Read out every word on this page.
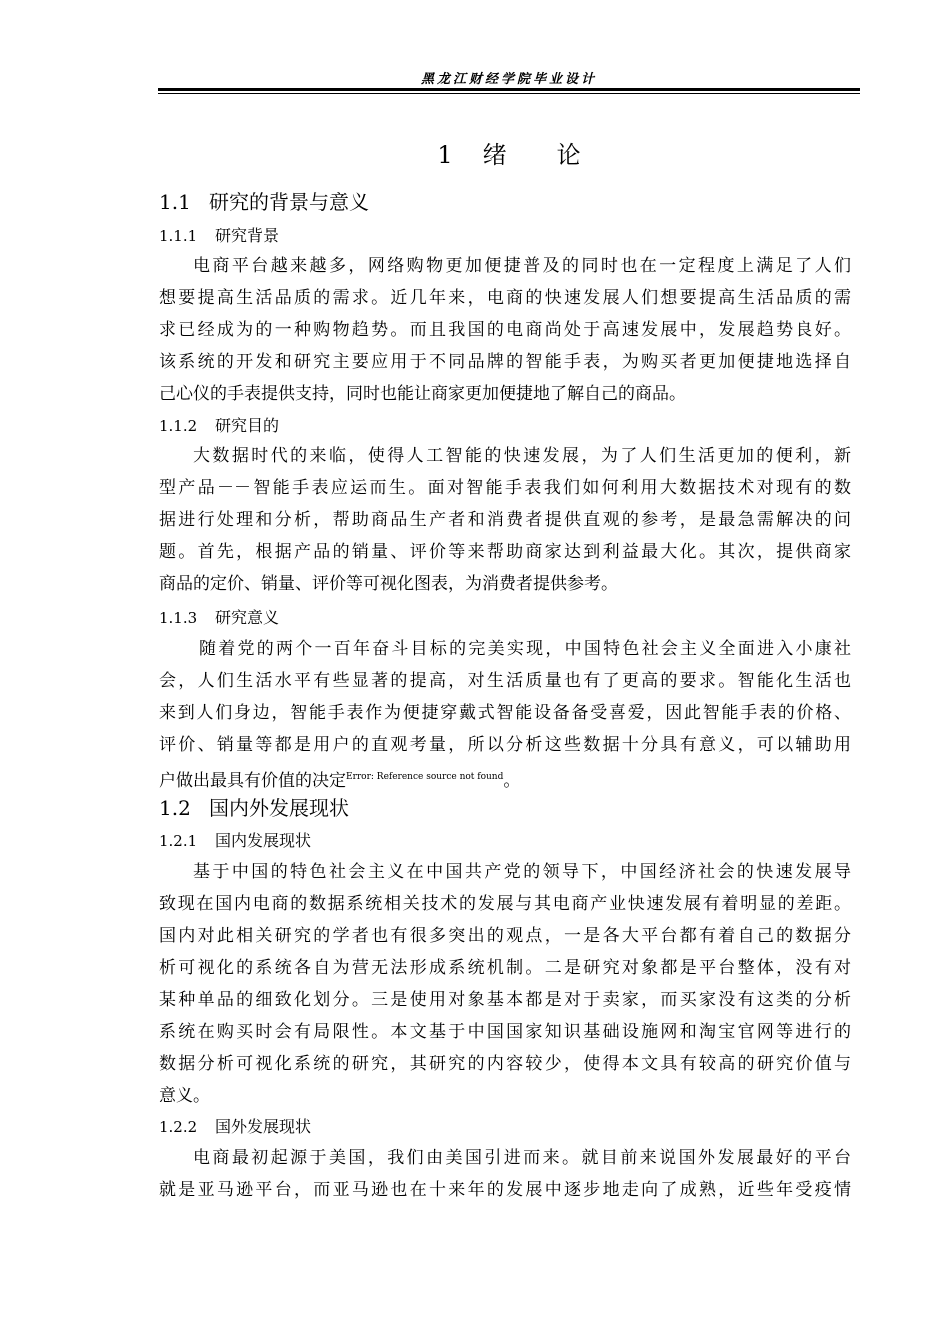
黑龙江财经学院毕业设计
1 绪 论
1.1 研究的背景与意义
1.1.1 研究背景
电商平台越来越多，网络购物更加便捷普及的同时也在一定程度上满足了人们
想要提高生活品质的需求。近几年来，电商的快速发展人们想要提高生活品质的需
求已经成为的一种购物趋势。而且我国的电商尚处于高速发展中，发展趋势良好。
该系统的开发和研究主要应用于不同品牌的智能手表，为购买者更加便捷地选择自
己心仪的手表提供支持，同时也能让商家更加便捷地了解自己的商品。
1.1.2 研究目的
大数据时代的来临，使得人工智能的快速发展，为了人们生活更加的便利，新
型产品－－智能手表应运而生。面对智能手表我们如何利用大数据技术对现有的数
据进行处理和分析，帮助商品生产者和消费者提供直观的参考，是最急需解决的问
题。首先，根据产品的销量、评价等来帮助商家达到利益最大化。其次，提供商家
商品的定价、销量、评价等可视化图表，为消费者提供参考。
1.1.3 研究意义
随着党的两个一百年奋斗目标的完美实现，中国特色社会主义全面进入小康社
会，人们生活水平有些显著的提高，对生活质量也有了更高的要求。智能化生活也
来到人们身边，智能手表作为便捷穿戴式智能设备备受喜爱，因此智能手表的价格、
评价、销量等都是用户的直观考量，所以分析这些数据十分具有意义，可以辅助用
户做出最具有价值的决定$^{Error: Reference source not found}$。
1.2 国内外发展现状
1.2.1 国内发展现状
基于中国的特色社会主义在中国共产党的领导下，中国经济社会的快速发展导
致现在国内电商的数据系统相关技术的发展与其电商产业快速发展有着明显的差距。
国内对此相关研究的学者也有很多突出的观点，一是各大平台都有着自己的数据分
析可视化的系统各自为营无法形成系统机制。二是研究对象都是平台整体，没有对
某种单品的细致化划分。三是使用对象基本都是对于卖家，而买家没有这类的分析
系统在购买时会有局限性。本文基于中国国家知识基础设施网和淘宝官网等进行的
数据分析可视化系统的研究，其研究的内容较少，使得本文具有较高的研究价值与
意义。
1.2.2 国外发展现状
电商最初起源于美国，我们由美国引进而来。就目前来说国外发展最好的平台
就是亚马逊平台，而亚马逊也在十来年的发展中逐步地走向了成熟，近些年受疫情
